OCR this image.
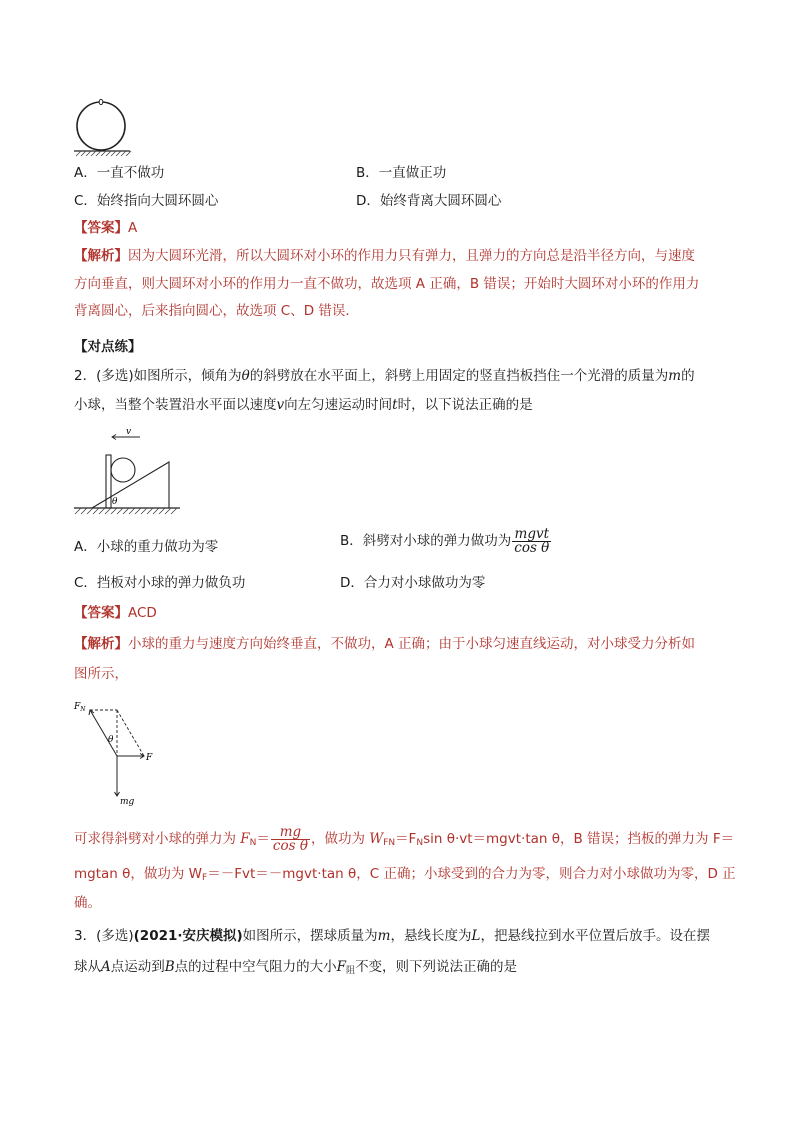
A．一直不做功	B．一直做正功
C．始终指向大圆环圆心	D．始终背离大圆环圆心
【答案】A
【解析】因为大圆环光滑，所以大圆环对小环的作用力只有弹力，且弹力的方向总是沿半径方向，与速度
方向垂直，则大圆环对小环的作用力一直不做功，故选项 A 正确，B 错误；开始时大圆环对小环的作用力
背离圆心，后来指向圆心，故选项 C、D 错误．
【对点练】
2．(多选)如图所示，倾角为θ的斜劈放在水平面上，斜劈上用固定的竖直挡板挡住一个光滑的质量为m的
小球，当整个装置沿水平面以速度v向左匀速运动时间t时，以下说法正确的是
v
θ
A．小球的重力做功为零	B．斜劈对小球的弹力做功为 $\frac{\text{mgvt}}{\text{cos θ}}$
C．挡板对小球的弹力做负功	D．合力对小球做功为零
【答案】ACD
【解析】小球的重力与速度方向始终垂直，不做功，A 正确；由于小球匀速直线运动，对小球受力分析如
图所示，
$F_N$
θ
F
mg
可求得斜劈对小球的弹力为 $F_N= \frac{mg}{\text{cos θ}}$ ，做功为 $W_{FN}=F_N\sin$ θ·vt＝mgvt·tan θ，B 错误；挡板的弹力为 F＝
mgtan θ，做功为 $W_F=-Fvt=-mgvt\cdot\tan$ θ，C 正确；小球受到的合力为零，则合力对小球做功为零，D 正
确。
3．(多选)(2021·安庆模拟)如图所示，摆球质量为m，悬线长度为L，把悬线拉到水平位置后放手。设在摆
球从A点运动到B点的过程中空气阻力的大小$F_阻$不变，则下列说法正确的是
